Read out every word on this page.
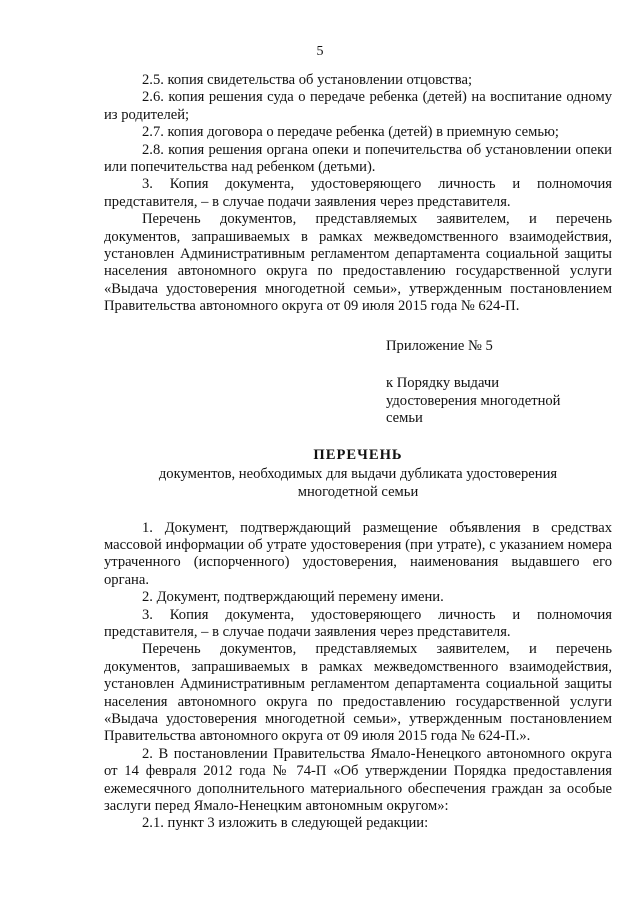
5

2.5. копия свидетельства об установлении отцовства;

2.6. копия решения суда о передаче ребенка (детей) на воспитание одному из родителей;

2.7. копия договора о передаче ребенка (детей) в приемную семью;

2.8. копия решения органа опеки и попечительства об установлении опеки или попечительства над ребенком (детьми).

3. Копия документа, удостоверяющего личность и полномочия представителя, – в случае подачи заявления через представителя.

Перечень документов, представляемых заявителем, и перечень документов, запрашиваемых в рамках межведомственного взаимодействия, установлен Административным регламентом департамента социальной защиты населения автономного округа по предоставлению государственной услуги «Выдача удостоверения многодетной семьи», утвержденным постановлением Правительства автономного округа от 09 июля 2015 года № 624-П.

Приложение № 5

к Порядку выдачи

удостоверения многодетной

семьи

ПЕРЕЧЕНЬ

документов, необходимых для выдачи дубликата удостоверения

многодетной семьи

1. Документ, подтверждающий размещение объявления в средствах массовой информации об утрате удостоверения (при утрате), с указанием номера утраченного (испорченного) удостоверения, наименования выдавшего его органа.

2. Документ, подтверждающий перемену имени.

3. Копия документа, удостоверяющего личность и полномочия представителя, – в случае подачи заявления через представителя.

Перечень документов, представляемых заявителем, и перечень документов, запрашиваемых в рамках межведомственного взаимодействия, установлен Административным регламентом департамента социальной защиты населения автономного округа по предоставлению государственной услуги «Выдача удостоверения многодетной семьи», утвержденным постановлением Правительства автономного округа от 09 июля 2015 года № 624-П.».

2. В постановлении Правительства Ямало-Ненецкого автономного округа от 14 февраля 2012 года № 74-П «Об утверждении Порядка предоставления ежемесячного дополнительного материального обеспечения граждан за особые заслуги перед Ямало-Ненецким автономным округом»:

2.1. пункт 3 изложить в следующей редакции:
